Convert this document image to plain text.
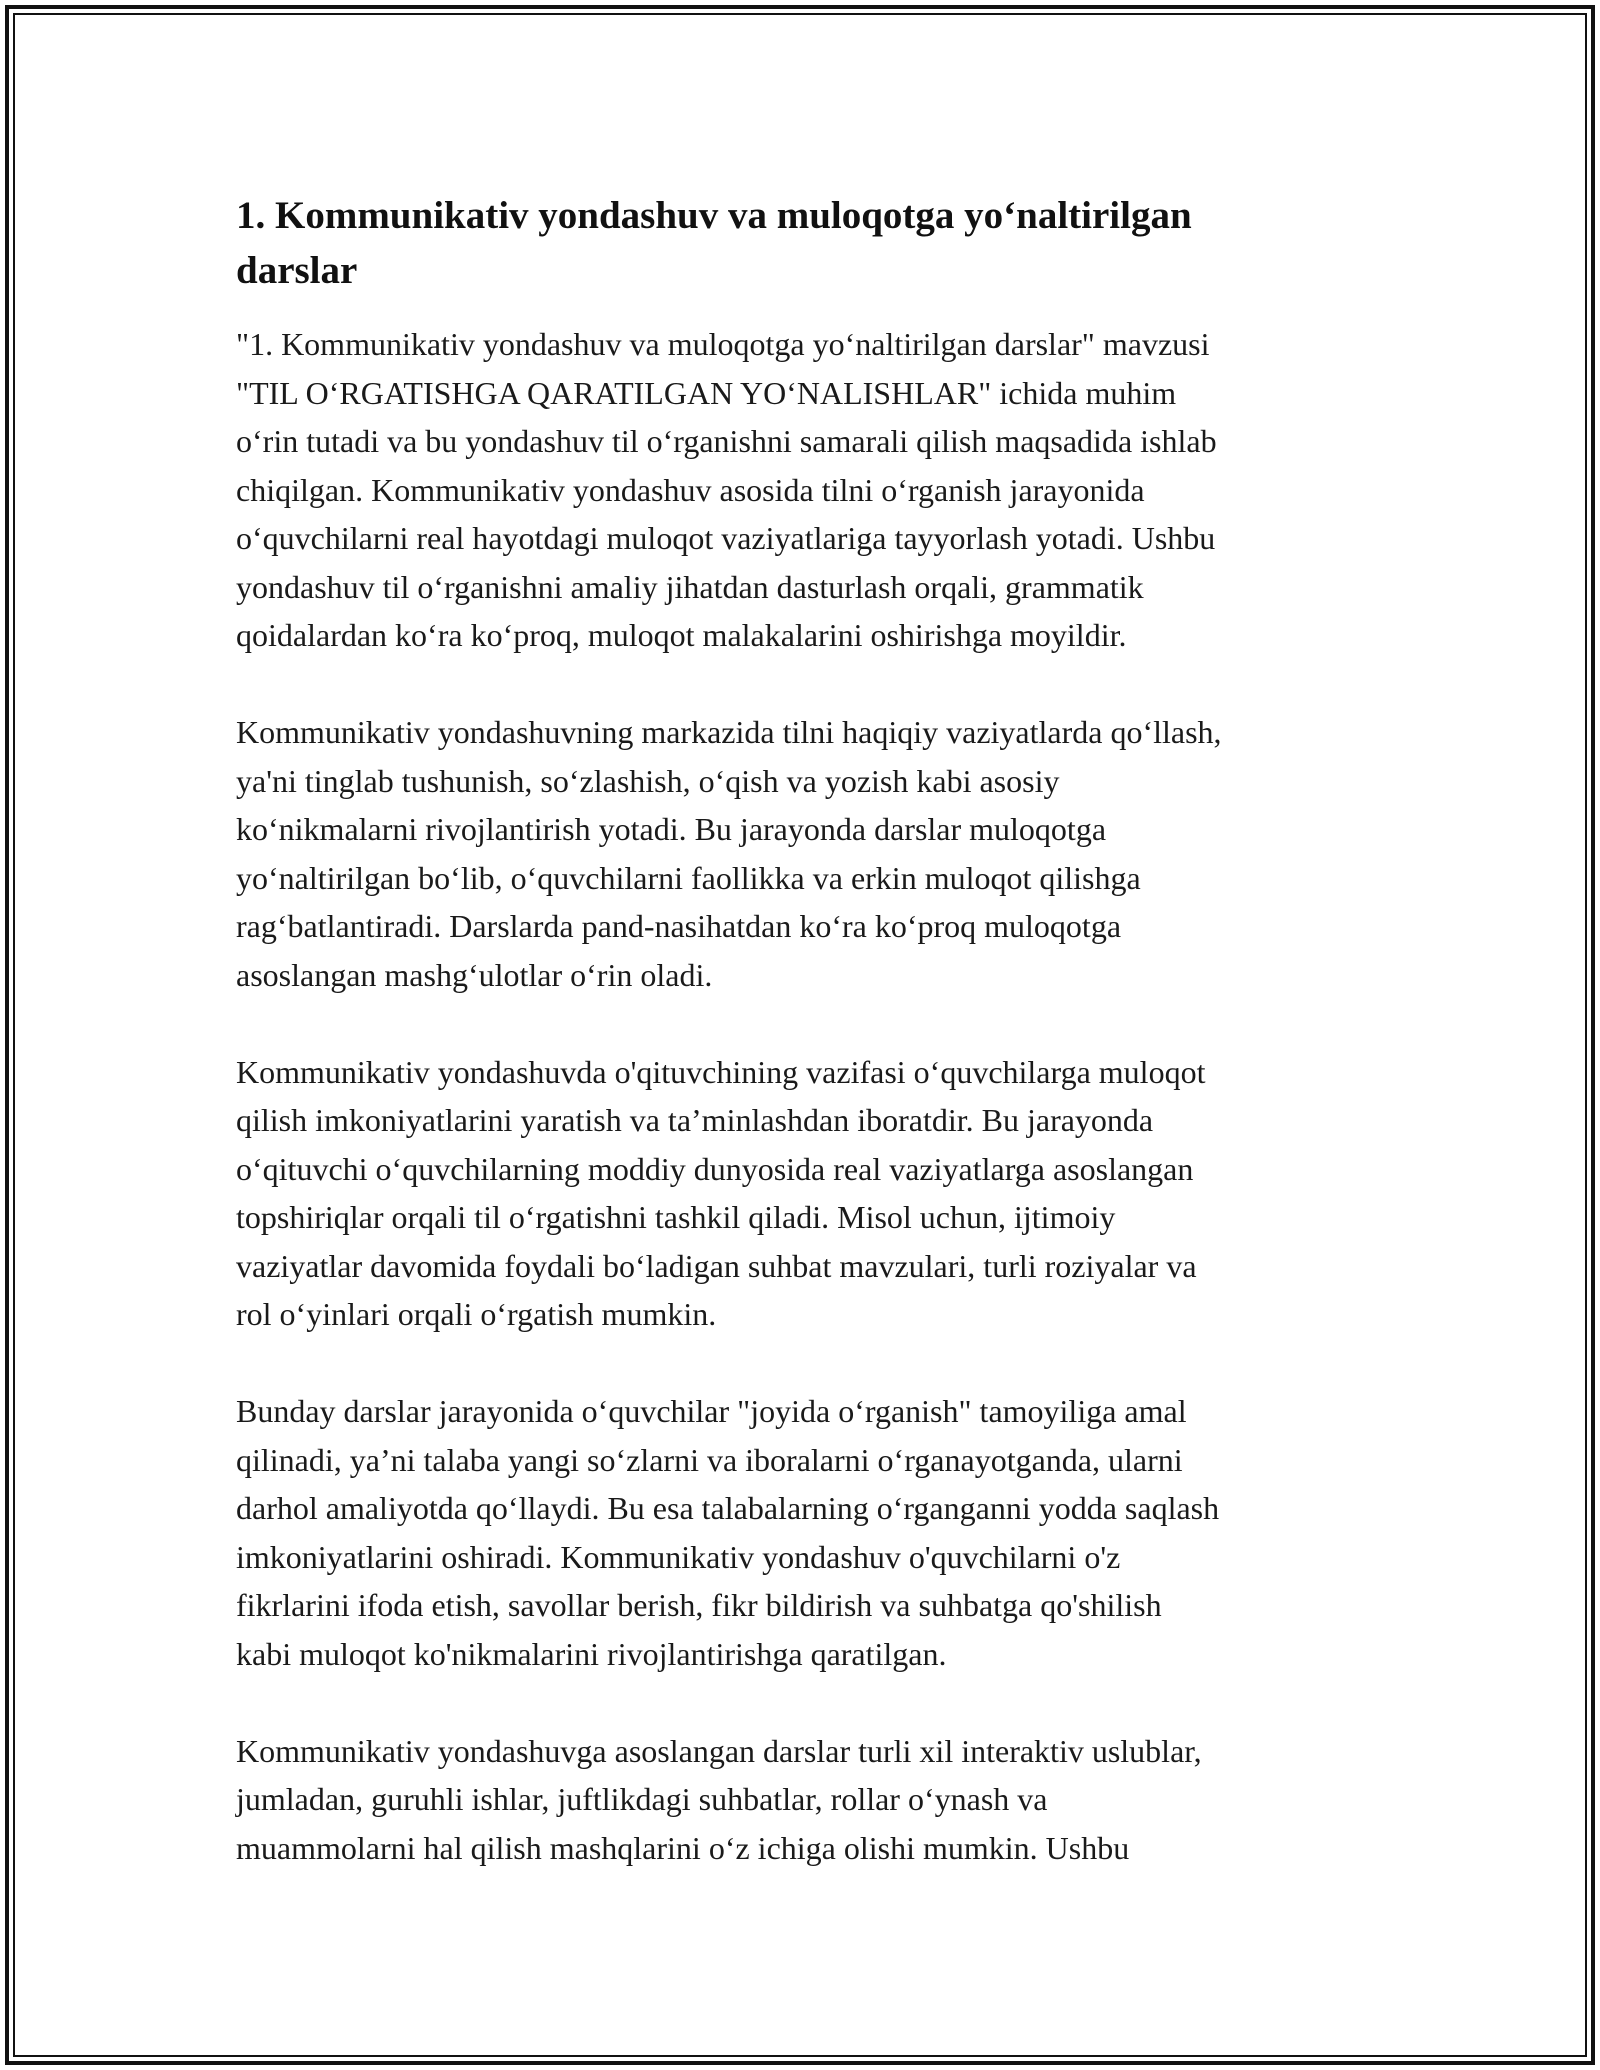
1. Kommunikativ yondashuv va muloqotga yo‘naltirilgan
darslar

"1. Kommunikativ yondashuv va muloqotga yo‘naltirilgan darslar" mavzusi
"TIL O‘RGATISHGA QARATILGAN YO‘NALISHLAR" ichida muhim
o‘rin tutadi va bu yondashuv til o‘rganishni samarali qilish maqsadida ishlab
chiqilgan. Kommunikativ yondashuv asosida tilni o‘rganish jarayonida
o‘quvchilarni real hayotdagi muloqot vaziyatlariga tayyorlash yotadi. Ushbu
yondashuv til o‘rganishni amaliy jihatdan dasturlash orqali, grammatik
qoidalardan ko‘ra ko‘proq, muloqot malakalarini oshirishga moyildir.

Kommunikativ yondashuvning markazida tilni haqiqiy vaziyatlarda qo‘llash,
ya'ni tinglab tushunish, so‘zlashish, o‘qish va yozish kabi asosiy
ko‘nikmalarni rivojlantirish yotadi. Bu jarayonda darslar muloqotga
yo‘naltirilgan bo‘lib, o‘quvchilarni faollikka va erkin muloqot qilishga
rag‘batlantiradi. Darslarda pand-nasihatdan ko‘ra ko‘proq muloqotga
asoslangan mashg‘ulotlar o‘rin oladi.

Kommunikativ yondashuvda o'qituvchining vazifasi o‘quvchilarga muloqot
qilish imkoniyatlarini yaratish va ta’minlashdan iboratdir. Bu jarayonda
o‘qituvchi o‘quvchilarning moddiy dunyosida real vaziyatlarga asoslangan
topshiriqlar orqali til o‘rgatishni tashkil qiladi. Misol uchun, ijtimoiy
vaziyatlar davomida foydali bo‘ladigan suhbat mavzulari, turli roziyalar va
rol o‘yinlari orqali o‘rgatish mumkin.

Bunday darslar jarayonida o‘quvchilar "joyida o‘rganish" tamoyiliga amal
qilinadi, ya’ni talaba yangi so‘zlarni va iboralarni o‘rganayotganda, ularni
darhol amaliyotda qo‘llaydi. Bu esa talabalarning o‘rganganni yodda saqlash
imkoniyatlarini oshiradi. Kommunikativ yondashuv o'quvchilarni o'z
fikrlarini ifoda etish, savollar berish, fikr bildirish va suhbatga qo'shilish
kabi muloqot ko'nikmalarini rivojlantirishga qaratilgan.

Kommunikativ yondashuvga asoslangan darslar turli xil interaktiv uslublar,
jumladan, guruhli ishlar, juftlikdagi suhbatlar, rollar o‘ynash va
muammolarni hal qilish mashqlarini o‘z ichiga olishi mumkin. Ushbu
